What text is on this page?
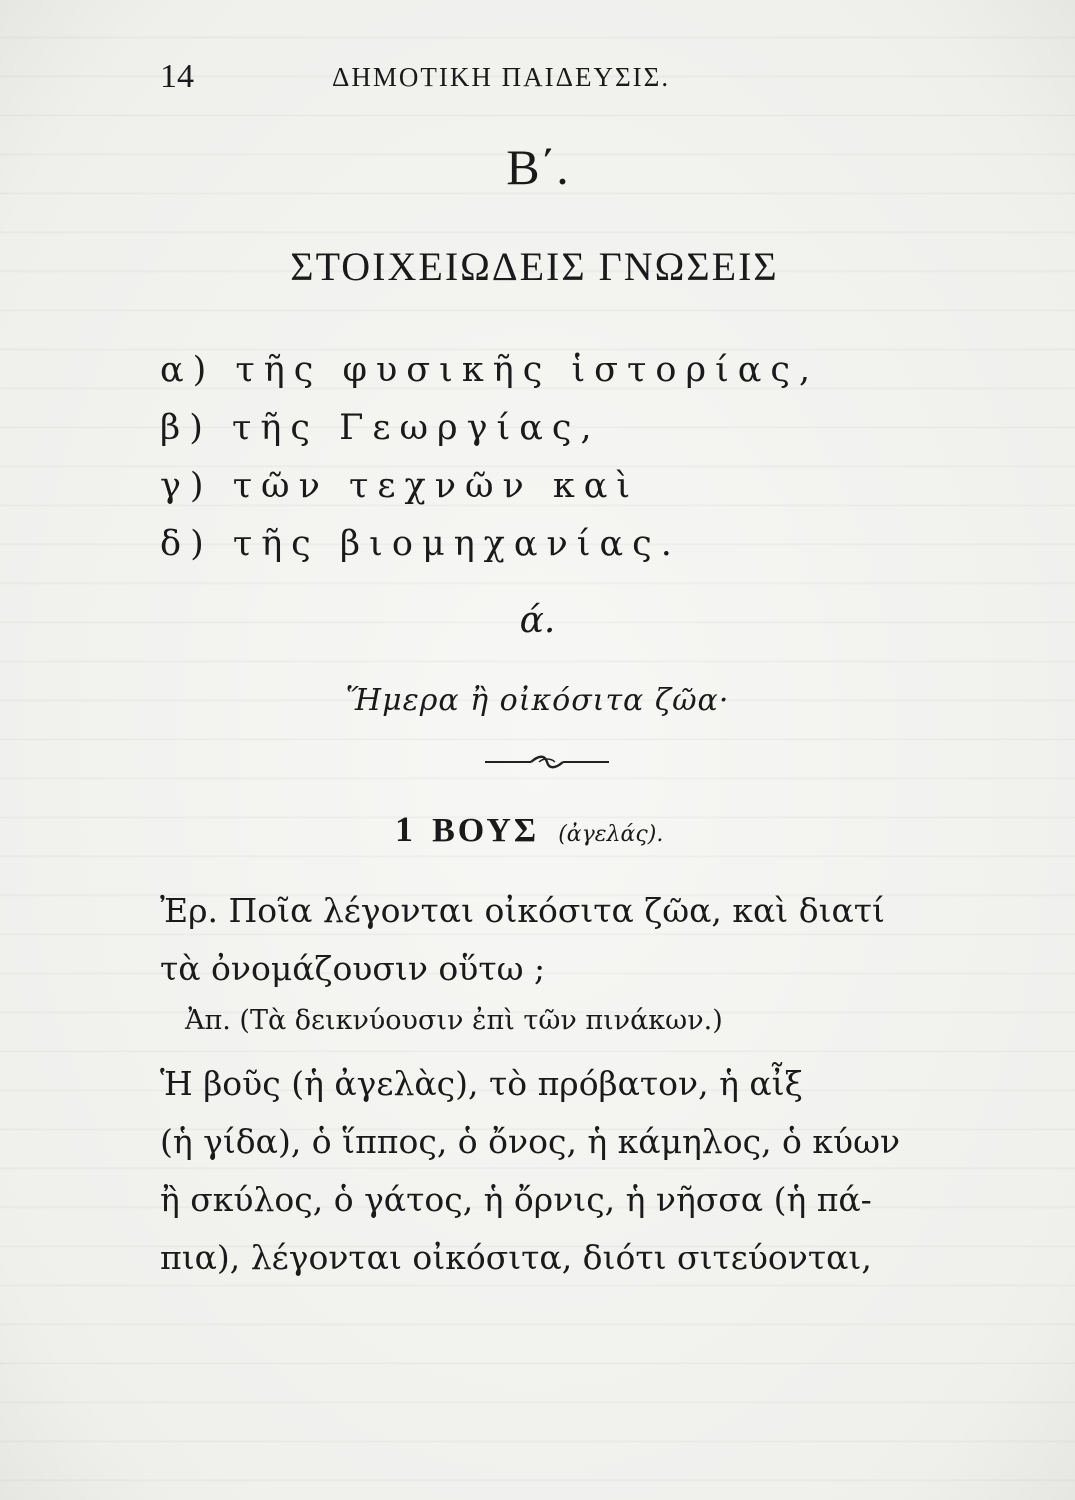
14	ΔΗΜΟΤΙΚΗ ΠΑΙΔΕΥΣΙΣ.
Β΄.
ΣΤΟΙΧΕΙΩΔΕΙΣ ΓΝΩΣΕΙΣ
α) τῆς φυσικῆς ἱστορίας,
β) τῆς Γεωργίας,
γ) τῶν τεχνῶν καὶ
δ) τῆς βιομηχανίας.
ά.
Ἥμερα ἢ οἰκόσιτα ζῶα·
1 ΒΟΥΣ (ἀγελάς).
Ἐρ. Ποῖα λέγονται οἰκόσιτα ζῶα, καὶ διατί
τὰ ὀνομάζουσιν οὕτω ;
Ἀπ. (Τὰ δεικνύουσιν ἐπὶ τῶν πινάκων.)
Ἡ βοῦς (ἡ ἀγελὰς), τὸ πρόβατον, ἡ αἶξ
(ἡ γίδα), ὁ ἵππος, ὁ ὄνος, ἡ κάμηλος, ὁ κύων
ἢ σκύλος, ὁ γάτος, ἡ ὄρνις, ἡ νῆσσα (ἡ πά-
πια), λέγονται οἰκόσιτα, διότι σιτεύονται,
